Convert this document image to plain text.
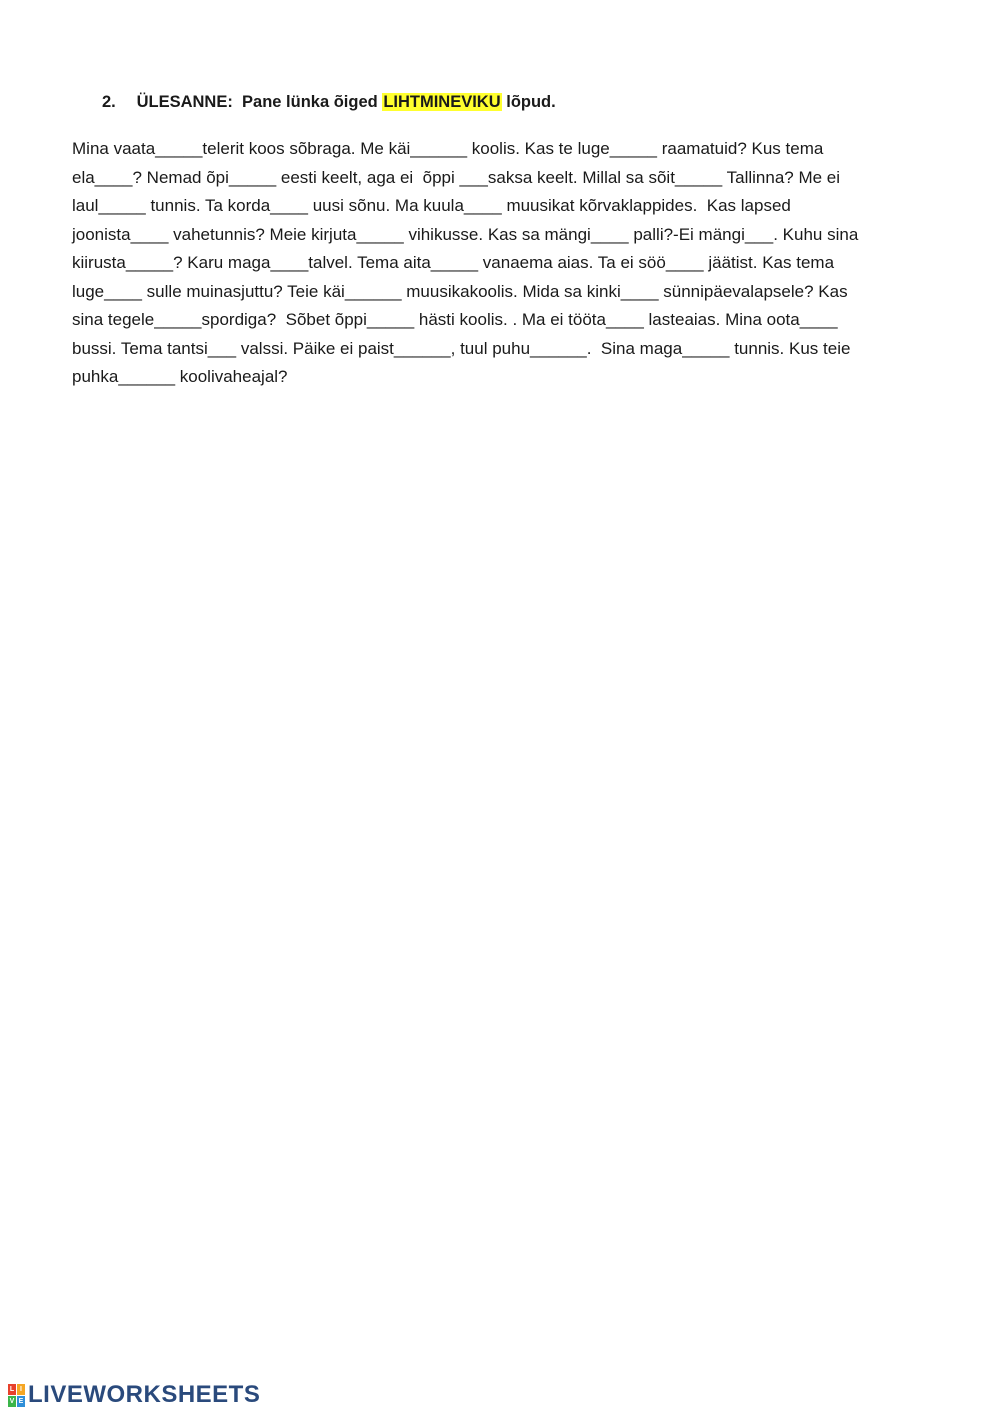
2. ÜLESANNE:  Pane lünka õiged LIHTMINEVIKU lõpud.
Mina vaata_____telerit koos sõbraga. Me käi______ koolis. Kas te luge_____ raamatuid? Kus tema
ela____? Nemad õpi_____ eesti keelt, aga ei  õppi ___saksa keelt. Millal sa sõit_____ Tallinna? Me ei
laul_____ tunnis. Ta korda____ uusi sõnu. Ma kuula____ muusikat kõrvaklappides.  Kas lapsed
joonista____ vahetunnis? Meie kirjuta_____ vihikusse. Kas sa mängi____ palli?-Ei mängi___. Kuhu sina
kiirusta_____? Karu maga____talvel. Tema aita_____ vanaema aias. Ta ei söö____ jäätist. Kas tema
luge____ sulle muinasjuttu? Teie käi______ muusikakoolis. Mida sa kinki____ sünnipäevalapsele? Kas
sina tegele_____spordiga?  Sõbet õppi_____ hästi koolis. . Ma ei tööta____ lasteaias. Mina oota____
bussi. Tema tantsi___ valssi. Päike ei paist______, tuul puhu______.  Sina maga_____ tunnis. Kus teie
puhka______ koolivaheajal?
L I
V E LIVEWORKSHEETS
